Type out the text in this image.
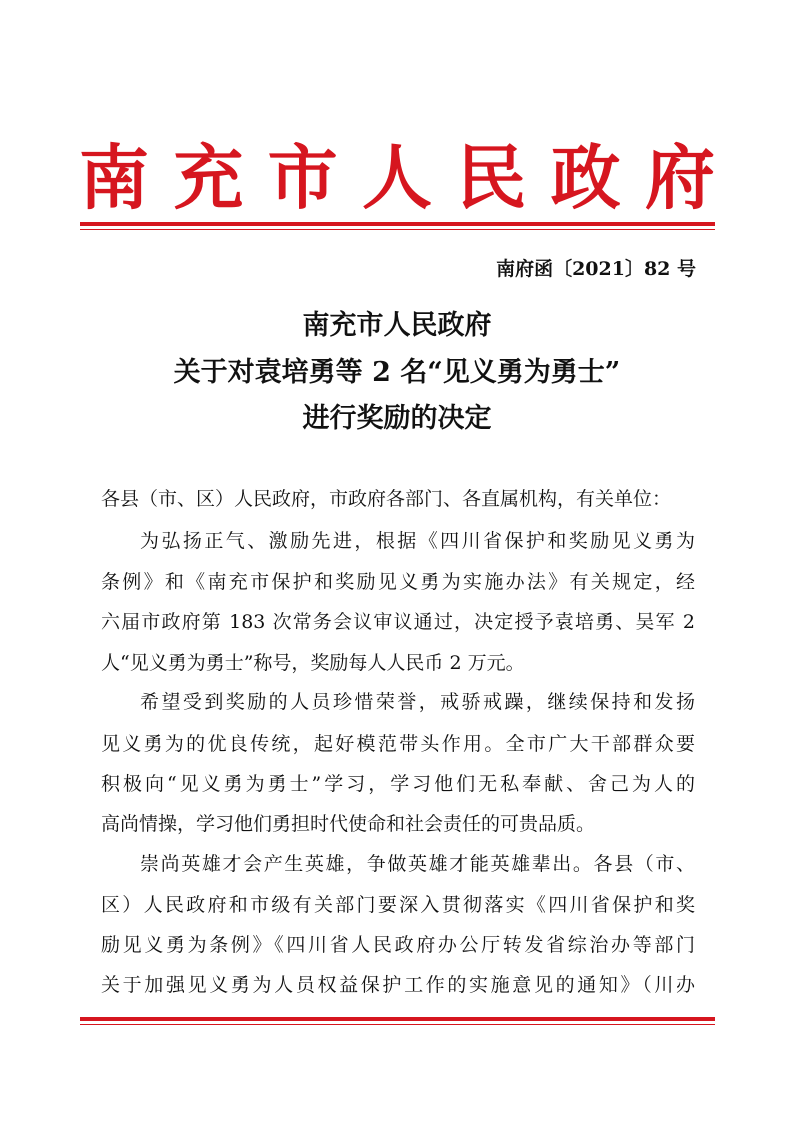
南 充 市 人 民 政 府
南府函〔2021〕82 号
南充市人民政府
关于对袁培勇等 2 名“见义勇为勇士”
进行奖励的决定
各县（市、区）人民政府，市政府各部门、各直属机构，有关单位：
为弘扬正气、激励先进，根据《四川省保护和奖励见义勇为
条例》和《南充市保护和奖励见义勇为实施办法》有关规定，经
六届市政府第 183 次常务会议审议通过，决定授予袁培勇、吴军 2
人“见义勇为勇士”称号，奖励每人人民币 2 万元。
希望受到奖励的人员珍惜荣誉，戒骄戒躁，继续保持和发扬
见义勇为的优良传统，起好模范带头作用。全市广大干部群众要
积极向“见义勇为勇士”学习，学习他们无私奉献、舍己为人的
高尚情操，学习他们勇担时代使命和社会责任的可贵品质。
崇尚英雄才会产生英雄，争做英雄才能英雄辈出。各县（市、
区）人民政府和市级有关部门要深入贯彻落实《四川省保护和奖
励见义勇为条例》《四川省人民政府办公厅转发省综治办等部门
关于加强见义勇为人员权益保护工作的实施意见的通知》（川办
